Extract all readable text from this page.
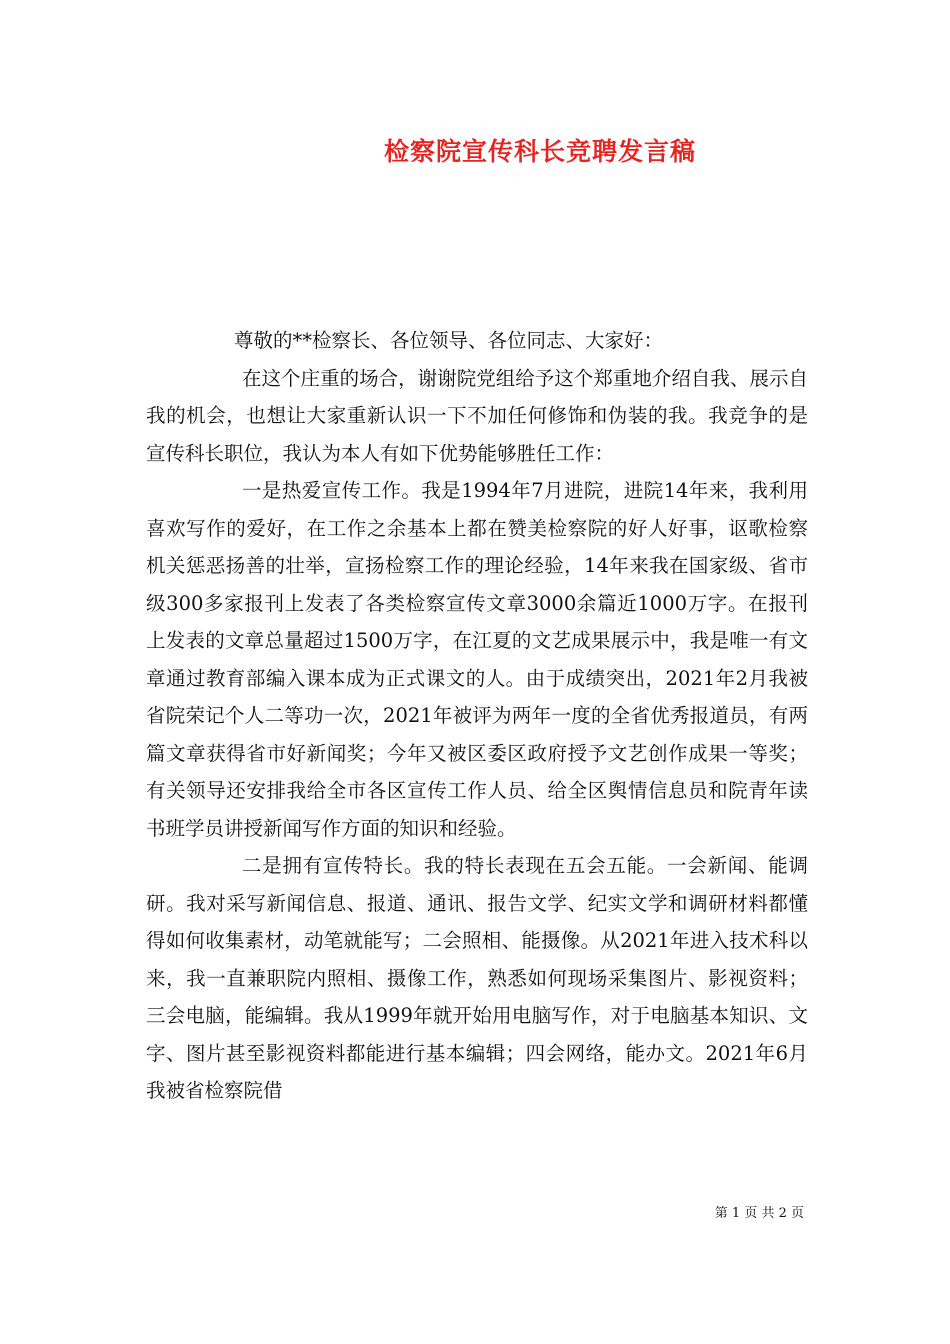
检察院宣传科长竞聘发言稿

尊敬的**检察长、各位领导、各位同志、大家好：

在这个庄重的场合，谢谢院党组给予这个郑重地介绍自我、展示自我的机会，也想让大家重新认识一下不加任何修饰和伪装的我。我竞争的是宣传科长职位，我认为本人有如下优势能够胜任工作：

一是热爱宣传工作。我是1994年7月进院，进院14年来，我利用喜欢写作的爱好，在工作之余基本上都在赞美检察院的好人好事，讴歌检察机关惩恶扬善的壮举，宣扬检察工作的理论经验，14年来我在国家级、省市级300多家报刊上发表了各类检察宣传文章3000余篇近1000万字。在报刊上发表的文章总量超过1500万字，在江夏的文艺成果展示中，我是唯一有文章通过教育部编入课本成为正式课文的人。由于成绩突出，2021年2月我被省院荣记个人二等功一次，2021年被评为两年一度的全省优秀报道员，有两篇文章获得省市好新闻奖；今年又被区委区政府授予文艺创作成果一等奖；有关领导还安排我给全市各区宣传工作人员、给全区舆情信息员和院青年读书班学员讲授新闻写作方面的知识和经验。

二是拥有宣传特长。我的特长表现在五会五能。一会新闻、能调研。我对采写新闻信息、报道、通讯、报告文学、纪实文学和调研材料都懂得如何收集素材，动笔就能写；二会照相、能摄像。从2021年进入技术科以来，我一直兼职院内照相、摄像工作，熟悉如何现场采集图片、影视资料；三会电脑，能编辑。我从1999年就开始用电脑写作，对于电脑基本知识、文字、图片甚至影视资料都能进行基本编辑；四会网络，能办文。2021年6月我被省检察院借

第 1 页 共 2 页
